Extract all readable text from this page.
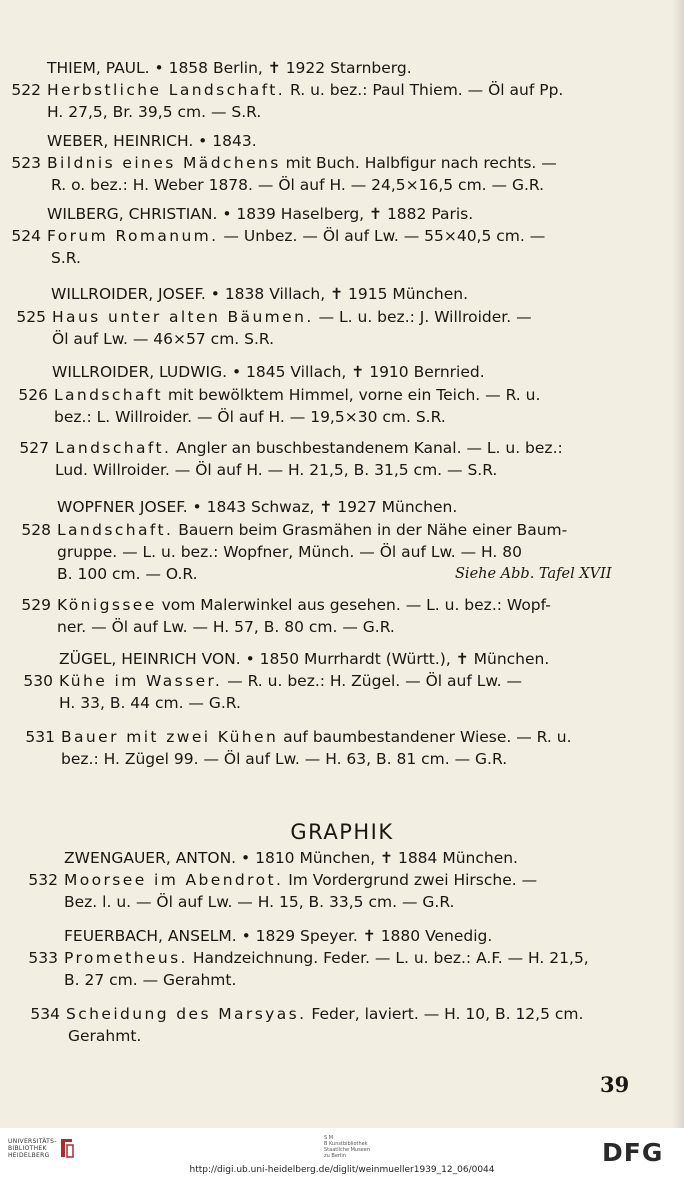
THIEM, PAUL. • 1858 Berlin, ✝ 1922 Starnberg.
522 Herbstliche Landschaft. R. u. bez.: Paul Thiem. — Öl auf Pp.
H. 27,5, Br. 39,5 cm. — S.R.
WEBER, HEINRICH. • 1843.
523 Bildnis eines Mädchens mit Buch. Halbfigur nach rechts. —
R. o. bez.: H. Weber 1878. — Öl auf H. — 24,5×16,5 cm. — G.R.
WILBERG, CHRISTIAN. • 1839 Haselberg, ✝ 1882 Paris.
524 Forum Romanum. — Unbez. — Öl auf Lw. — 55×40,5 cm. —
S.R.
WILLROIDER, JOSEF. • 1838 Villach, ✝ 1915 München.
525 Haus unter alten Bäumen. — L. u. bez.: J. Willroider. —
Öl auf Lw. — 46×57 cm. S.R.
WILLROIDER, LUDWIG. • 1845 Villach, ✝ 1910 Bernried.
526 Landschaft mit bewölktem Himmel, vorne ein Teich. — R. u.
bez.: L. Willroider. — Öl auf H. — 19,5×30 cm. S.R.
527 Landschaft. Angler an buschbestandenem Kanal. — L. u. bez.:
Lud. Willroider. — Öl auf H. — H. 21,5, B. 31,5 cm. — S.R.
WOPFNER JOSEF. • 1843 Schwaz, ✝ 1927 München.
528 Landschaft. Bauern beim Grasmähen in der Nähe einer Baum-
gruppe. — L. u. bez.: Wopfner, Münch. — Öl auf Lw. — H. 80
B. 100 cm. — O.R.	Siehe Abb. Tafel XVII
529 Königssee vom Malerwinkel aus gesehen. — L. u. bez.: Wopf-
ner. — Öl auf Lw. — H. 57, B. 80 cm. — G.R.
ZÜGEL, HEINRICH VON. • 1850 Murrhardt (Württ.), ✝ München.
530 Kühe im Wasser. — R. u. bez.: H. Zügel. — Öl auf Lw. —
H. 33, B. 44 cm. — G.R.
531 Bauer mit zwei Kühen auf baumbestandener Wiese. — R. u.
bez.: H. Zügel 99. — Öl auf Lw. — H. 63, B. 81 cm. — G.R.
ZWENGAUER, ANTON. • 1810 München, ✝ 1884 München.
532 Moorsee im Abendrot. Im Vordergrund zwei Hirsche. —
Bez. l. u. — Öl auf Lw. — H. 15, B. 33,5 cm. — G.R.
FEUERBACH, ANSELM. • 1829 Speyer. ✝ 1880 Venedig.
533 Prometheus. Handzeichnung. Feder. — L. u. bez.: A.F. — H. 21,5,
B. 27 cm. — Gerahmt.
534 Scheidung des Marsyas. Feder, laviert. — H. 10, B. 12,5 cm.
Gerahmt.
GRAPHIK
39
UNIVERSITÄTS-
BIBLIOTHEK
HEIDELBERG
S M
B Kunstbibliothek
Staatliche Museen
zu Berlin	DFG
http://digi.ub.uni-heidelberg.de/diglit/weinmueller1939_12_06/0044
